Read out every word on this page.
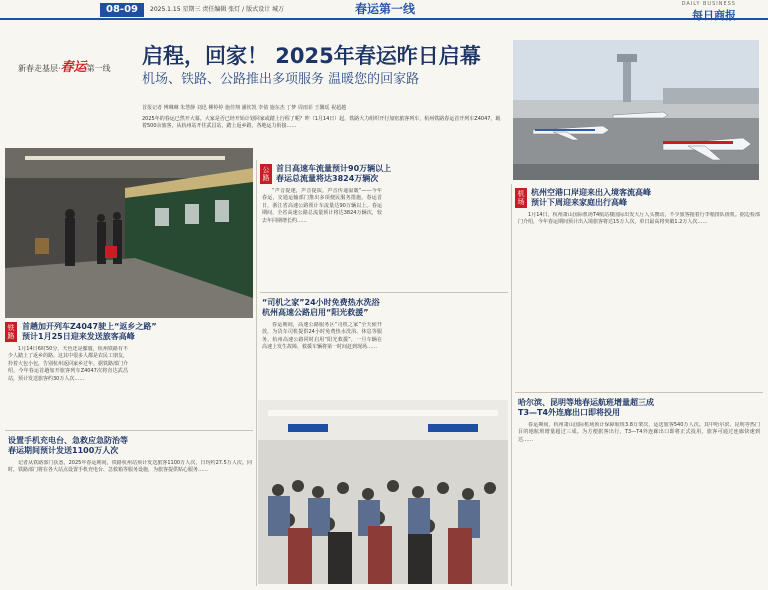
08-09	2025.1.15 星期三 责任编辑 张灯 / 版式设计 城万	春运第一线	DAILY BUSINESS
每日商报
新春走基层·春运第一线
启程，回家！ 2025年春运昨日启幕
机场、铁路、公路推出多项服务 温暖您的回家路
首报记者 傅琳琳 朱慧静 刘迅 柳婷婷 施佳翔 潘钦凯 李倩 施东杰 丁梦 周雨菲 王馨瑶 祝超越
2025年的春运已然开大幕。大家是否已经开始计划回家或踏上行程了呢？昨（1月14日）起，铁路大力组织开行加密旅客列车，杭州铁路春运首开列车Z4047，载着500余旅客，从杭州站开往武昌站，踏上返乡路，各地运力衔接……
铁路
首趟加开列车Z4047驶上“返乡之路”
预计1月25日迎来发送旅客高峰

1月14日6时50分，天色还是朦胧，杭州铁路有不少人踏上了返乡的路。这其中很多人都是农民工朋友，拎着大包小包，告别杭州返回家乡过年。据铁路部门介绍，今年春运首趟加开旅客列车Z4047次将直达武昌站，预计发送旅客约30万人次……

设置手机充电台、急救应急防治等
春运期间预计发送1100万人次

记者从铁路部门获悉，2025年春运期间，铁路杭州站预计发送旅客1100万人次，日均约27.5万人次。同时，铁路部门将在各大站点设置手机充电台、急救箱等服务设施，为旅客提供贴心服务……

公路
首日高速车流量预计90万辆以上
春运总流量将达3824万辆次

“声音提速，声音提质，声音传递温暖”——今年春运，交通运输部门推出多项便民服务措施。春运首日，浙江省高速公路预计车流量达90万辆以上。春运期间，全省高速公路总流量预计将达3824万辆次，较去年同期增长约……

“司机之家”24小时免费热水洗浴
杭州高速公路启用“阳光救援”

春运期间，高速公路服务区“司机之家”全天候开放，为货车司机提供24小时免费热水洗浴、休息等服务。杭州高速公路同时启用“阳光救援”，一旦车辆在高速上发生故障，救援车辆将第一时间赶到现场……

机场
杭州空港口岸迎来出入境客流高峰
预计下周迎来家庭出行高峰

1月14日，杭州萧山国际机场T4航站楼国际出发大厅人头攒动，不少旅客拖着行李箱排队值机。据边检部门介绍，今年春运期间预计出入境旅客将达15万人次，单日最高将突破1.2万人次……

哈尔滨、昆明等地春运航班增量超三成
T3—T4外连廊出口即将投用

春运期间，杭州萧山国际机场预计保障航班3.8万架次，运送旅客540万人次。其中哈尔滨、昆明等热门目的地航班增量超过三成。为方便旅客出行，T3—T4外连廊出口即将正式投用，旅客可通过连廊快速到达……
